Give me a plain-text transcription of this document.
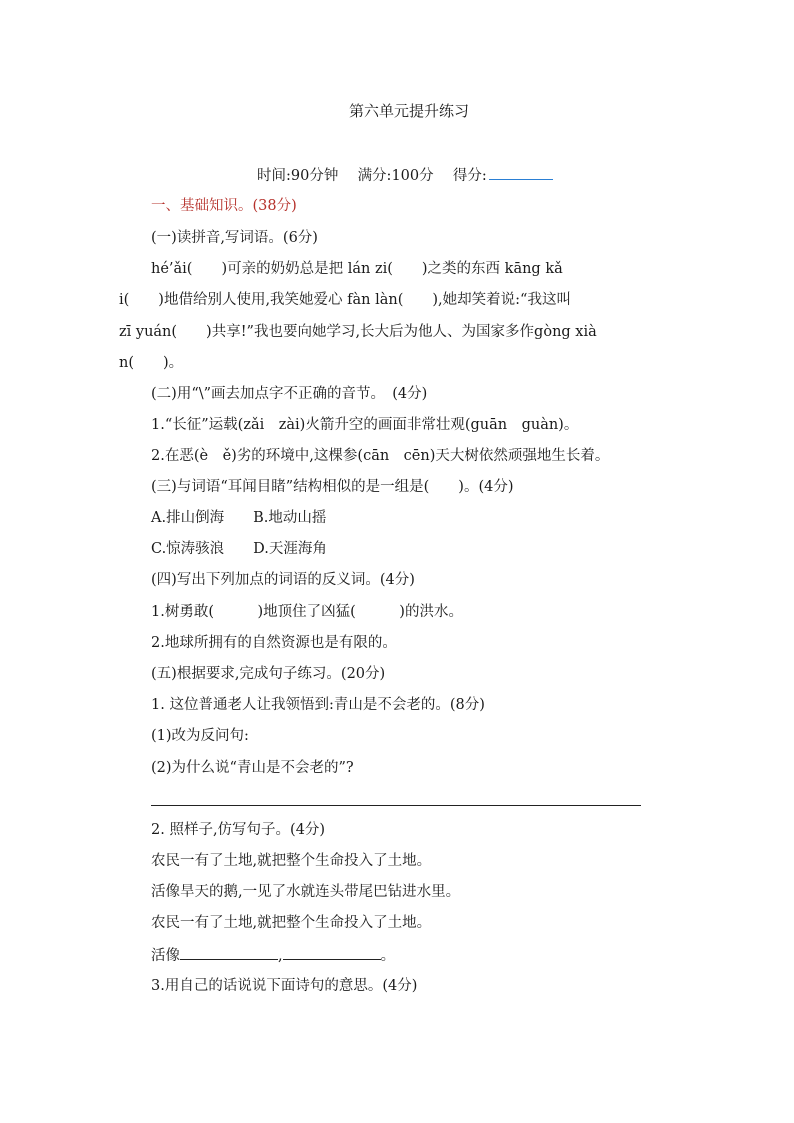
第六单元提升练习
时间:90分钟 满分:100分 得分:
一、基础知识。(38分)
(一)读拼音,写词语。(6分)
hé’ǎi(　　)可亲的奶奶总是把 lán zi(　　)之类的东西 kāng kǎ
i(　　)地借给别人使用,我笑她爱心 fàn làn(　　),她却笑着说:“我这叫
zī yuán(　　)共享!”我也要向她学习,长大后为他人、为国家多作gòng xià
n(　　)。
(二)用“\”画去加点字不正确的音节。　(4分)
1.“长征”运载(zǎi　zài)火箭升空的画面非常壮观(guān　guàn)。
2.在恶(è　ě)劣的环境中,这棵参(cān　cēn)天大树依然顽强地生长着。
(三)与词语“耳闻目睹”结构相似的是一组是(　　)。(4分)
A.排山倒海　　B.地动山摇
C.惊涛骇浪　　D.天涯海角
(四)写出下列加点的词语的反义词。(4分)
1.树勇敢(　　　)地顶住了凶猛(　　　)的洪水。
2.地球所拥有的自然资源也是有限的。
(五)根据要求,完成句子练习。(20分)
1. 这位普通老人让我领悟到:青山是不会老的。(8分)
(1)改为反问句:
(2)为什么说“青山是不会老的”?
2. 照样子,仿写句子。(4分)
农民一有了土地,就把整个生命投入了土地。
活像旱天的鹅,一见了水就连头带尾巴钻进水里。
农民一有了土地,就把整个生命投入了土地。
活像	,	。
3.用自己的话说说下面诗句的意思。(4分)
